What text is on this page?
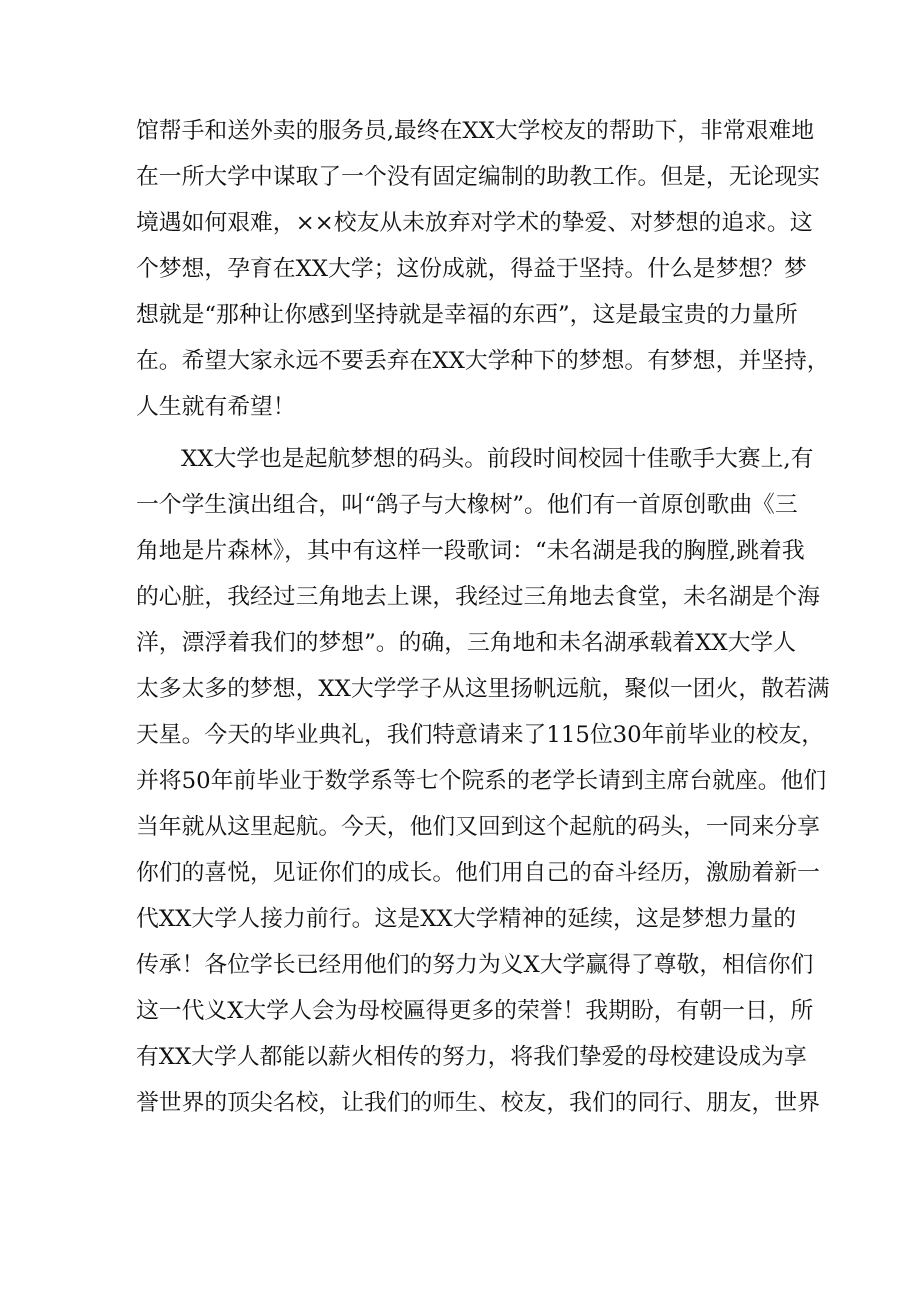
馆帮手和送外卖的服务员,最终在XX大学校友的帮助下，非常艰难地
在一所大学中谋取了一个没有固定编制的助教工作。但是，无论现实
境遇如何艰难，××校友从未放弃对学术的挚爱、对梦想的追求。这
个梦想，孕育在XX大学；这份成就，得益于坚持。什么是梦想？梦
想就是“那种让你感到坚持就是幸福的东西”，这是最宝贵的力量所
在。希望大家永远不要丢弃在XX大学种下的梦想。有梦想，并坚持，
人生就有希望！
XX大学也是起航梦想的码头。前段时间校园十佳歌手大赛上,有
一个学生演出组合，叫“鸽子与大橡树”。他们有一首原创歌曲《三
角地是片森林》，其中有这样一段歌词：“未名湖是我的胸膛,跳着我
的心脏，我经过三角地去上课，我经过三角地去食堂，未名湖是个海
洋，漂浮着我们的梦想”。的确，三角地和未名湖承载着XX大学人
太多太多的梦想，XX大学学子从这里扬帆远航，聚似一团火，散若满
天星。今天的毕业典礼，我们特意请来了115位30年前毕业的校友，
并将50年前毕业于数学系等七个院系的老学长请到主席台就座。他们
当年就从这里起航。今天，他们又回到这个起航的码头，一同来分享
你们的喜悦，见证你们的成长。他们用自己的奋斗经历，激励着新一
代XX大学人接力前行。这是XX大学精神的延续，这是梦想力量的
传承！各位学长已经用他们的努力为义X大学赢得了尊敬，相信你们
这一代义X大学人会为母校匾得更多的荣誉！我期盼，有朝一日，所
有XX大学人都能以薪火相传的努力，将我们挚爱的母校建设成为享
誉世界的顶尖名校，让我们的师生、校友，我们的同行、朋友，世界
